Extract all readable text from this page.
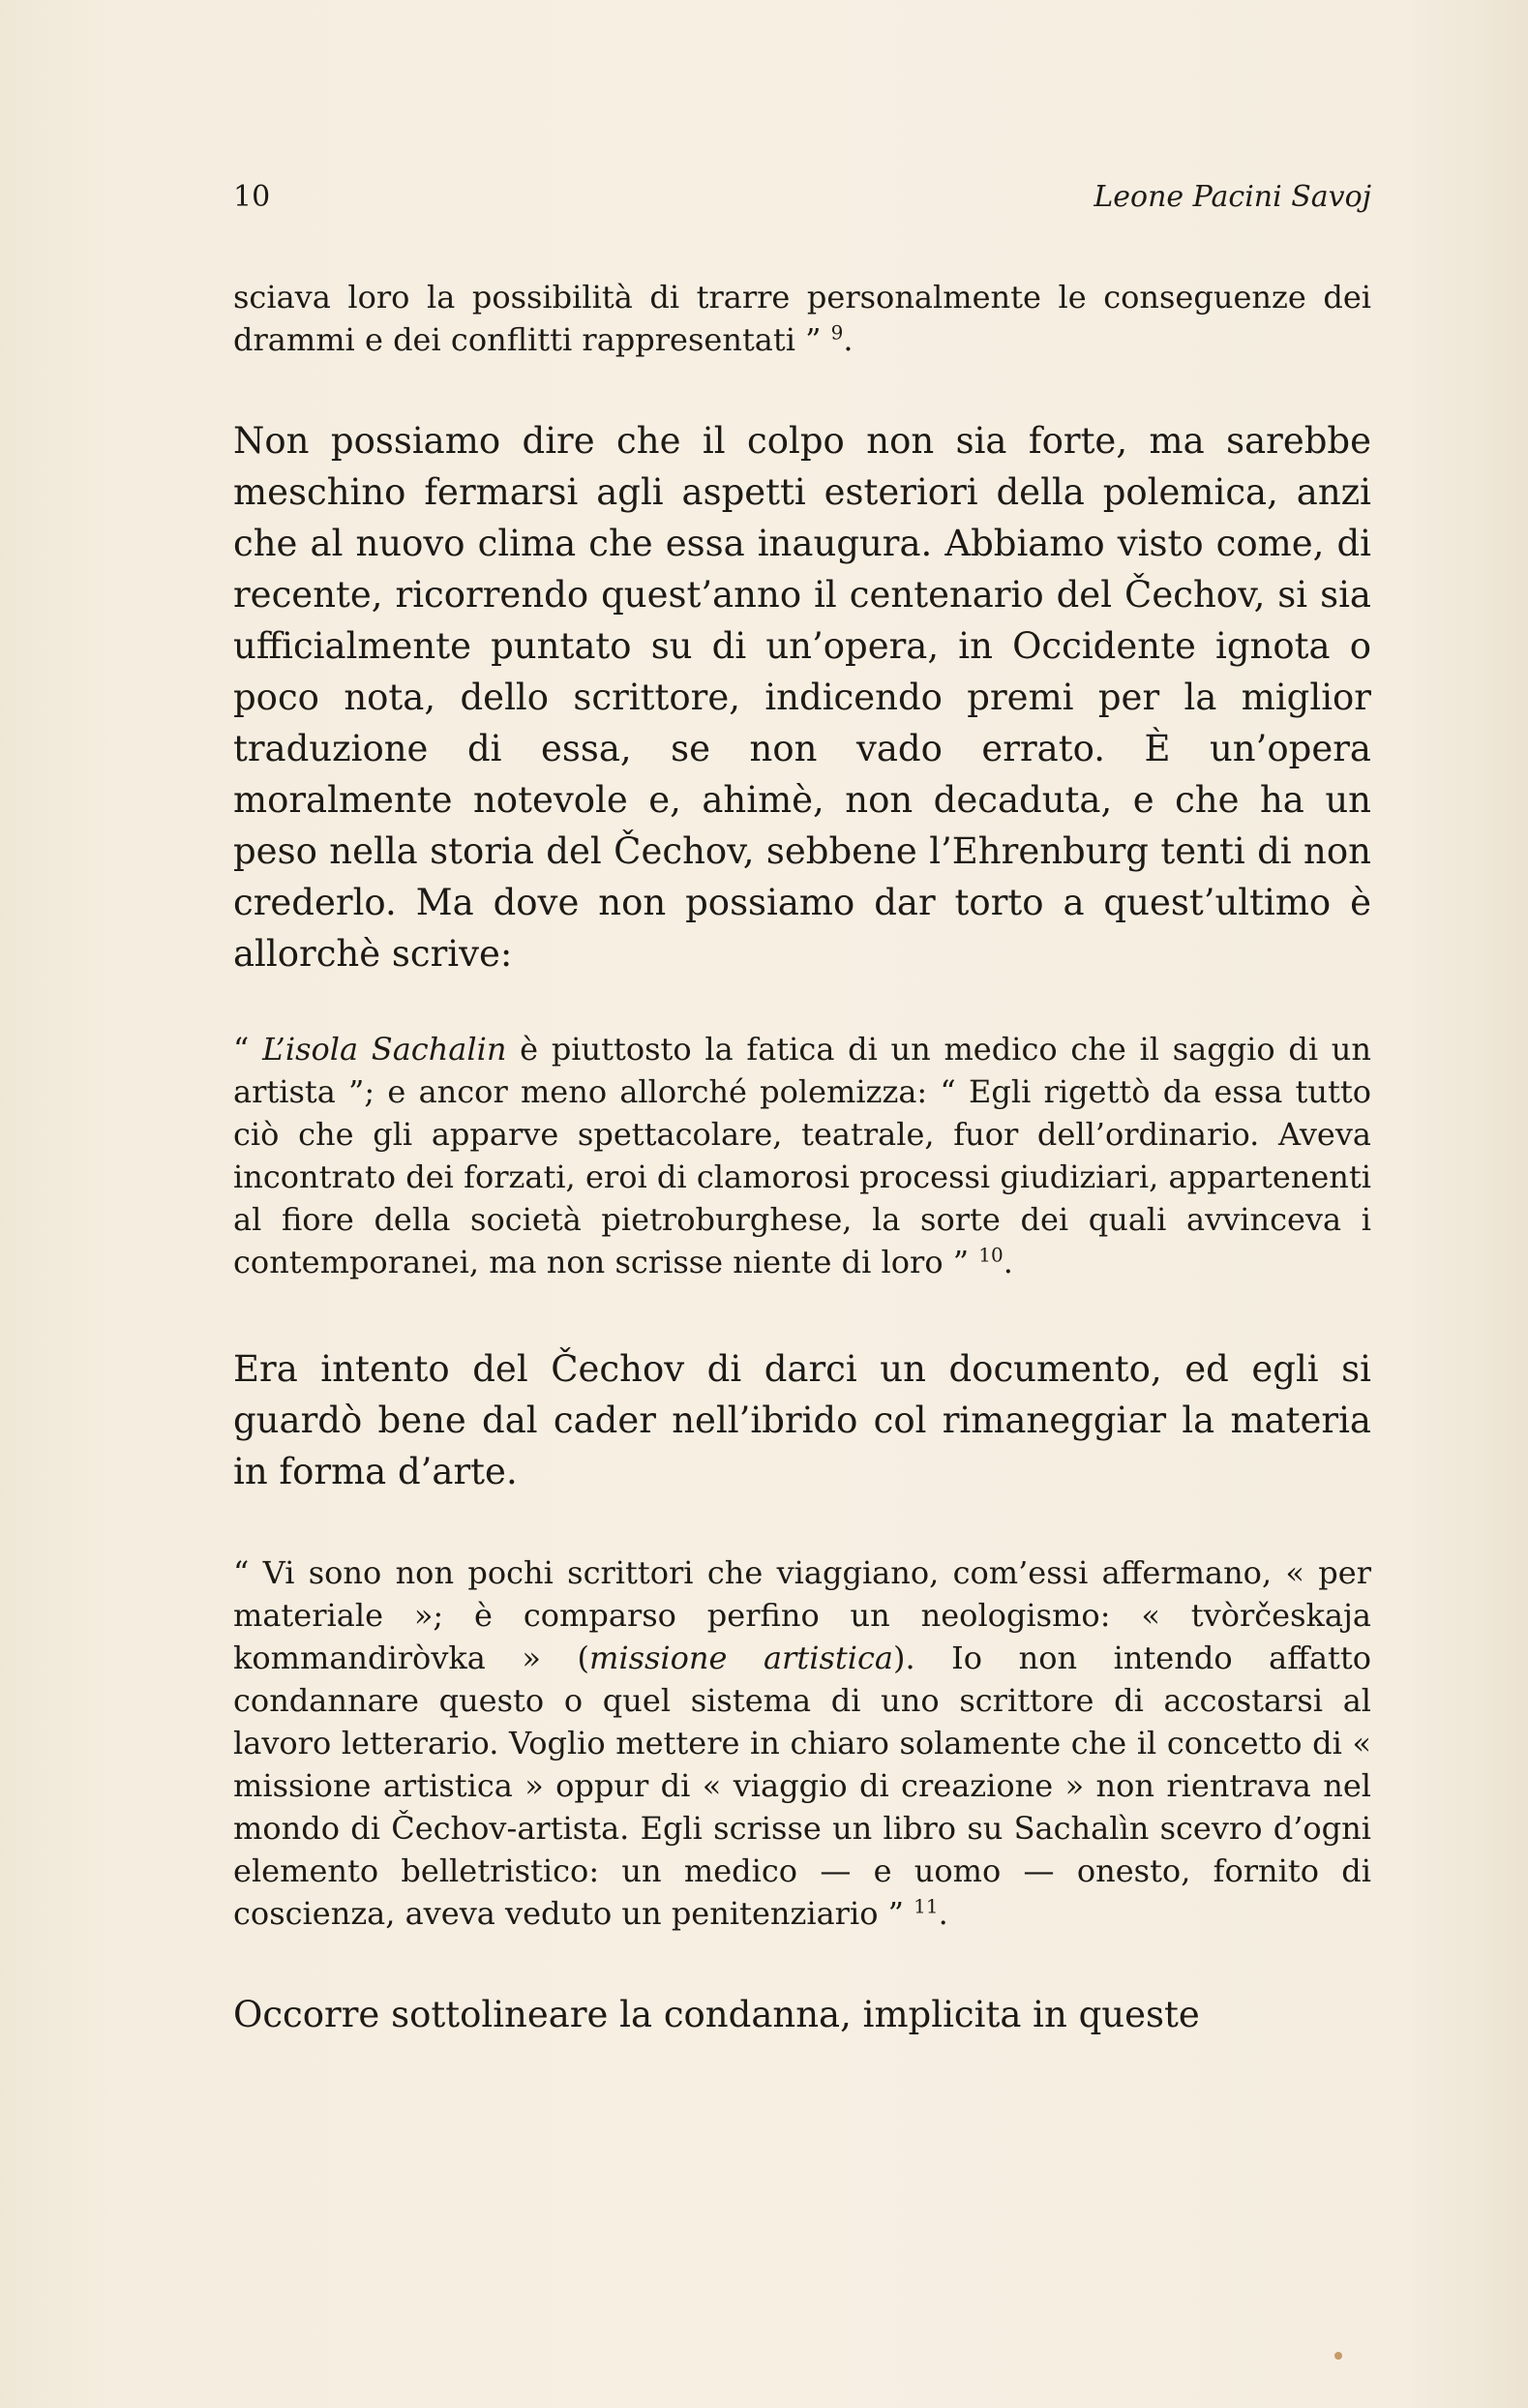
10	Leone Pacini Savoj

sciava loro la possibilità di trarre personalmente le conseguenze dei drammi e dei conflitti rappresentati ” $^9$.

Non possiamo dire che il colpo non sia forte, ma sarebbe meschino fermarsi agli aspetti esteriori della polemica, anzi che al nuovo clima che essa inaugura. Abbiamo visto come, di recente, ricorrendo quest’anno il centenario del Čechov, si sia ufficialmente puntato su di un’opera, in Occidente ignota o poco nota, dello scrittore, indicendo premi per la miglior traduzione di essa, se non vado errato. È un’opera moralmente notevole e, ahimè, non decaduta, e che ha un peso nella storia del Čechov, sebbene l’Ehrenburg tenti di non crederlo. Ma dove non possiamo dar torto a quest’ultimo è allorchè scrive:

“ L’isola Sachalin è piuttosto la fatica di un medico che il saggio di un artista ”; e ancor meno allorché polemizza: “ Egli rigettò da essa tutto ciò che gli apparve spettacolare, teatrale, fuor dell’ordinario. Aveva incontrato dei forzati, eroi di clamorosi processi giudiziari, appartenenti al fiore della società pietroburghese, la sorte dei quali avvinceva i contemporanei, ma non scrisse niente di loro ” $^{10}$.

Era intento del Čechov di darci un documento, ed egli si guardò bene dal cader nell’ibrido col rimaneggiar la materia in forma d’arte.

“ Vi sono non pochi scrittori che viaggiano, com’essi affermano, « per materiale »; è comparso perfino un neologismo: « tvòrčeskaja kommandiròvka » (missione artistica). Io non intendo affatto condannare questo o quel sistema di uno scrittore di accostarsi al lavoro letterario. Voglio mettere in chiaro solamente che il concetto di « missione artistica » oppur di « viaggio di creazione » non rientrava nel mondo di Čechov-artista. Egli scrisse un libro su Sachalìn scevro d’ogni elemento belletristico: un medico — e uomo — onesto, fornito di coscienza, aveva veduto un penitenziario ” $^{11}$.

Occorre sottolineare la condanna, implicita in queste
